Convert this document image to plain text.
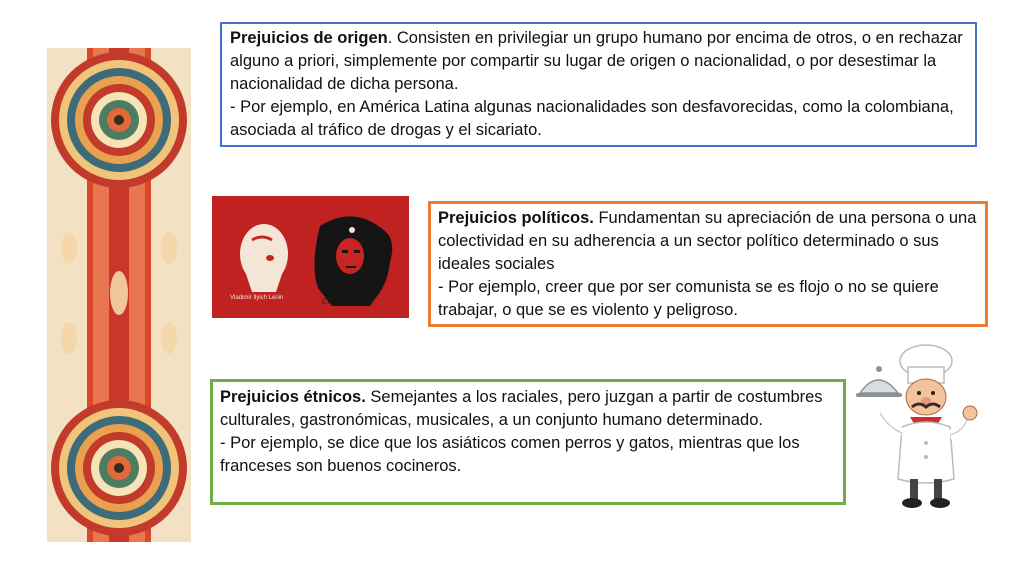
Prejuicios de origen. Consisten en privilegiar un grupo humano por encima de otros, o en rechazar alguno a priori, simplemente por compartir su lugar de origen o nacionalidad, o por desestimar la nacionalidad de dicha persona.

- Por ejemplo, en América Latina algunas nacionalidades son desfavorecidas, como la colombiana, asociada al tráfico de drogas y el sicariato.

Vladimir Ilyich Lenin	Che Guevara

Prejuicios políticos. Fundamentan su apreciación de una persona o una colectividad en su adherencia a un sector político determinado o sus ideales sociales

- Por ejemplo, creer que por ser comunista se es flojo o no se quiere trabajar, o que se es violento y peligroso.

Prejuicios étnicos. Semejantes a los raciales, pero juzgan a partir de costumbres culturales, gastronómicas, musicales, a un conjunto humano determinado.

- Por ejemplo, se dice que los asiáticos comen perros y gatos, mientras que los franceses son buenos cocineros.
